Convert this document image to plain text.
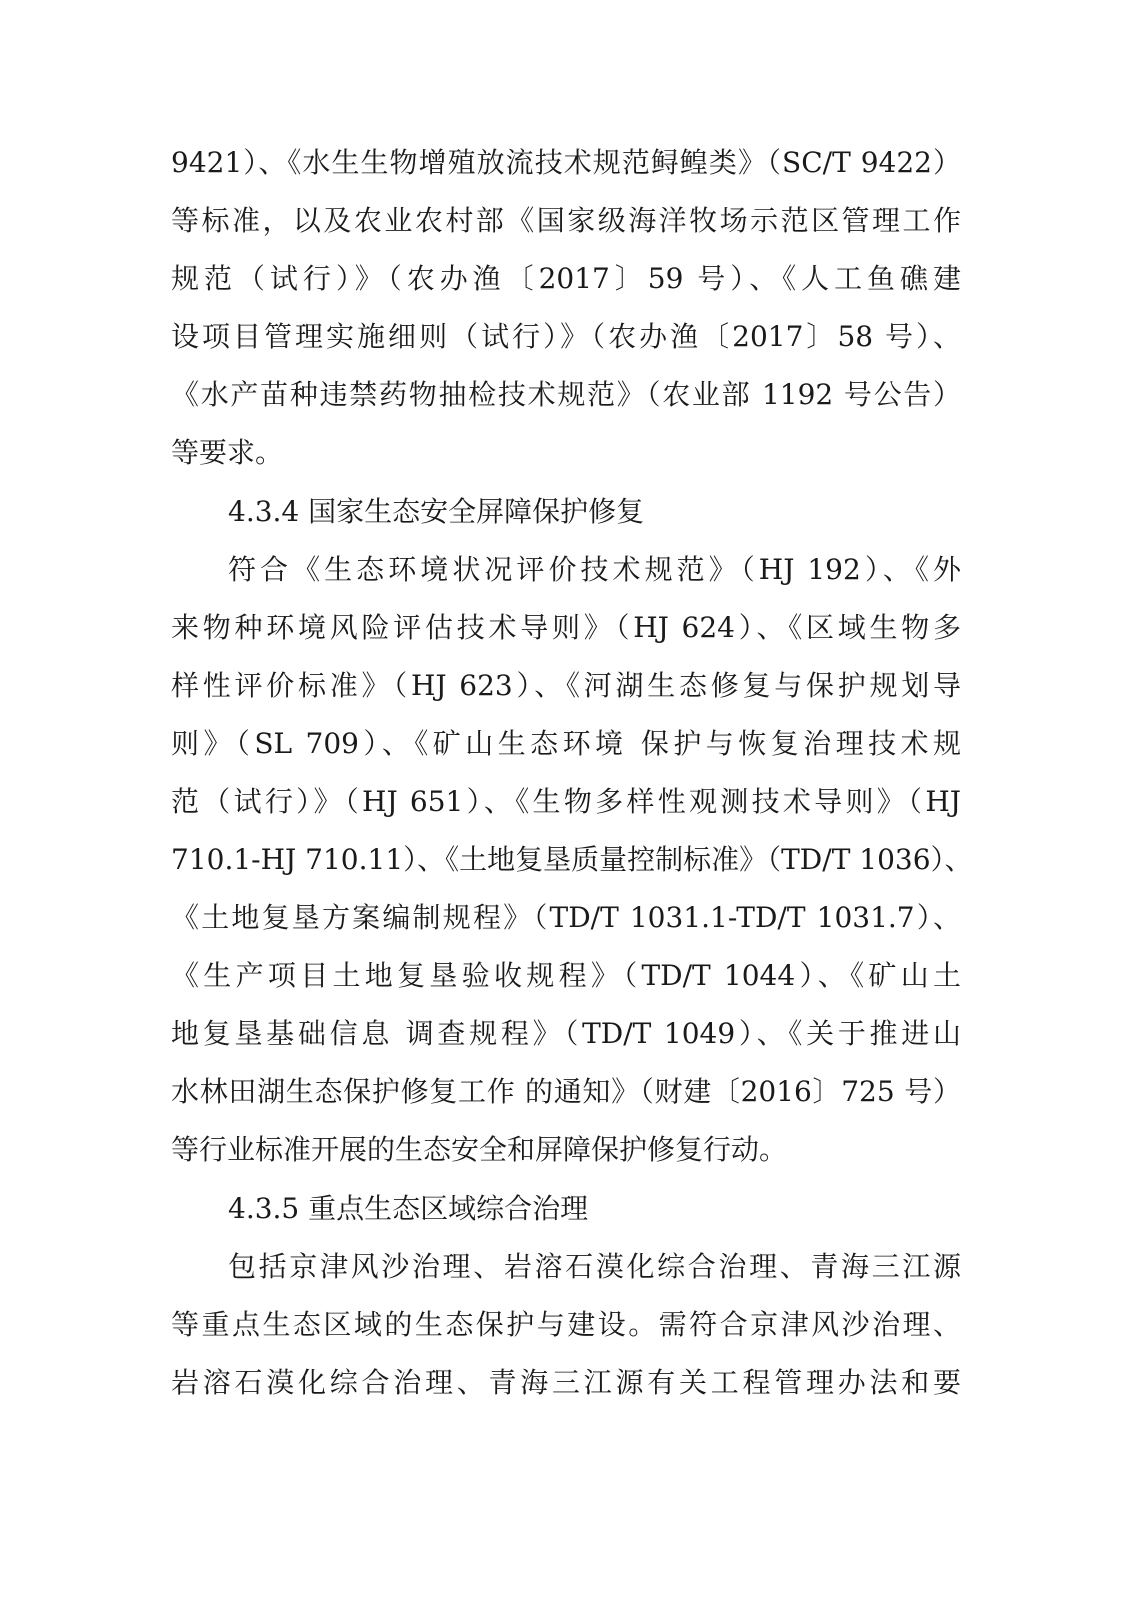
9421）、《水生生物增殖放流技术规范鲟鳇类》（SC/T 9422）
等标准，以及农业农村部《国家级海洋牧场示范区管理工作
规范（试行）》（农办渔〔2017〕59 号）、《人工鱼礁建
设项目管理实施细则（试行）》（农办渔〔2017〕58 号）、
《水产苗种违禁药物抽检技术规范》（农业部 1192 号公告）
等要求。
4.3.4 国家生态安全屏障保护修复
符合《生态环境状况评价技术规范》（HJ 192）、《外
来物种环境风险评估技术导则》（HJ 624）、《区域生物多
样性评价标准》（HJ 623）、《河湖生态修复与保护规划导
则》（SL 709）、《矿山生态环境 保护与恢复治理技术规
范（试行）》（HJ 651）、《生物多样性观测技术导则》（HJ
710.1-HJ 710.11）、《土地复垦质量控制标准》（TD/T 1036）、
《土地复垦方案编制规程》（TD/T 1031.1-TD/T 1031.7）、
《生产项目土地复垦验收规程》（TD/T 1044）、《矿山土
地复垦基础信息 调查规程》（TD/T 1049）、《关于推进山
水林田湖生态保护修复工作 的通知》（财建〔2016〕725 号）
等行业标准开展的生态安全和屏障保护修复行动。
4.3.5 重点生态区域综合治理
包括京津风沙治理、岩溶石漠化综合治理、青海三江源
等重点生态区域的生态保护与建设。需符合京津风沙治理、
岩溶石漠化综合治理、青海三江源有关工程管理办法和要
